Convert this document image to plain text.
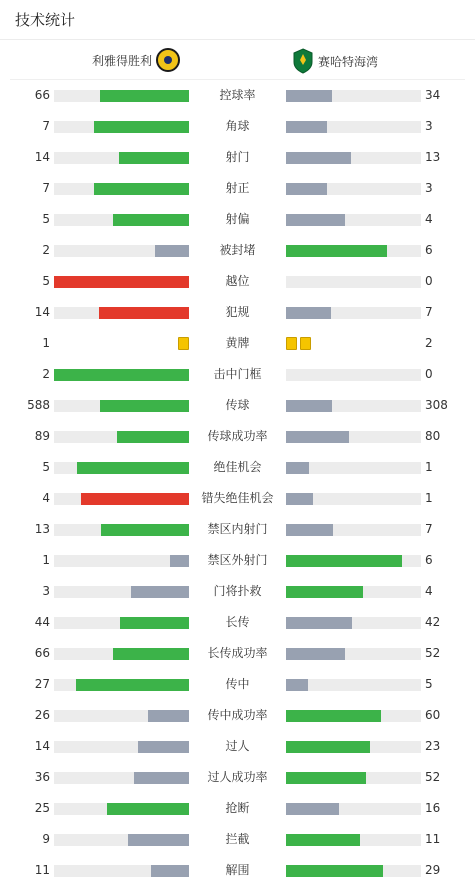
技术统计
利雅得胜利	赛哈特海湾
66	控球率	34
7	角球	3
14	射门	13
7	射正	3
5	射偏	4
2	被封堵	6
5	越位	0
14	犯规	7
1	黄牌	2
2	击中门框	0
588	传球	308
89	传球成功率	80
5	绝佳机会	1
4	错失绝佳机会	1
13	禁区内射门	7
1	禁区外射门	6
3	门将扑救	4
44	长传	42
66	长传成功率	52
27	传中	5
26	传中成功率	60
14	过人	23
36	过人成功率	52
25	抢断	16
9	拦截	11
11	解围	29
